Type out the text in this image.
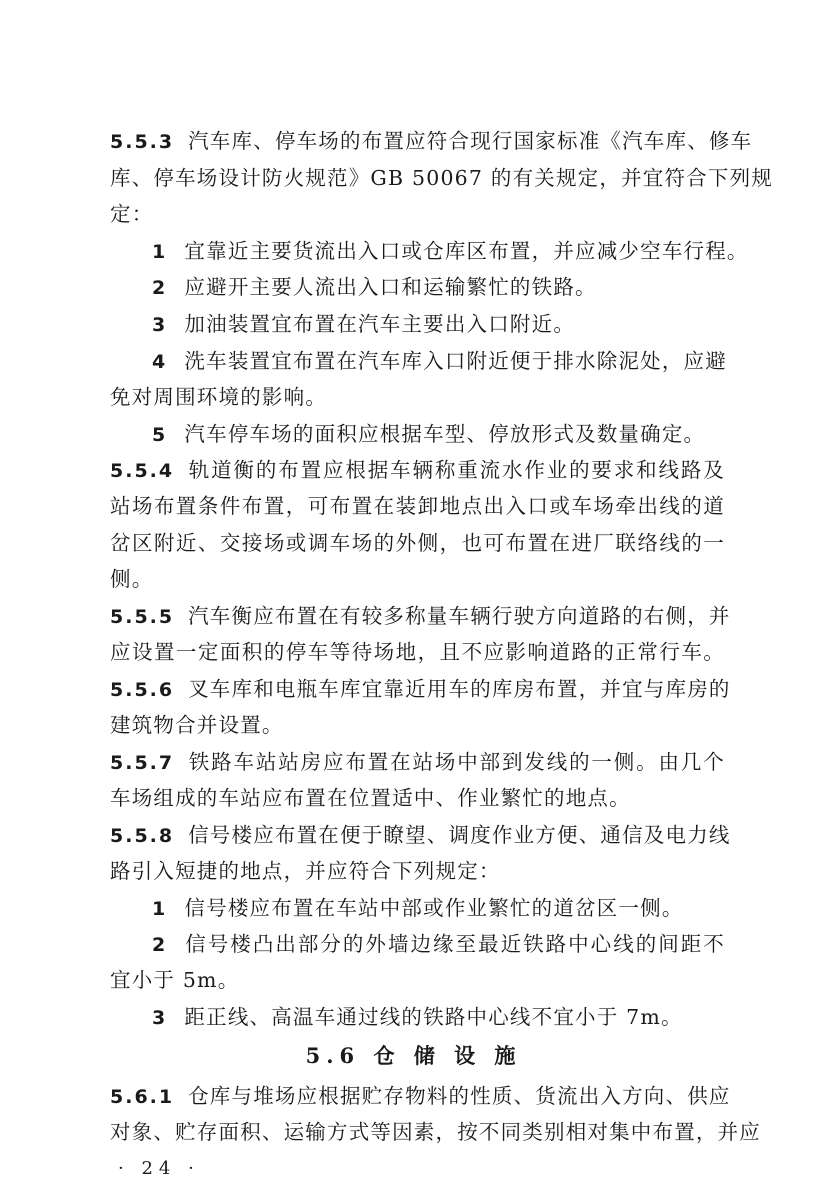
5.5.3 汽车库、停车场的布置应符合现行国家标准《汽车库、修车
库、停车场设计防火规范》GB 50067 的有关规定，并宜符合下列规
定：
1 宜靠近主要货流出入口或仓库区布置，并应减少空车行程。
2 应避开主要人流出入口和运输繁忙的铁路。
3 加油装置宜布置在汽车主要出入口附近。
4 洗车装置宜布置在汽车库入口附近便于排水除泥处，应避
免对周围环境的影响。
5 汽车停车场的面积应根据车型、停放形式及数量确定。
5.5.4 轨道衡的布置应根据车辆称重流水作业的要求和线路及
站场布置条件布置，可布置在装卸地点出入口或车场牵出线的道
岔区附近、交接场或调车场的外侧，也可布置在进厂联络线的一
侧。
5.5.5 汽车衡应布置在有较多称量车辆行驶方向道路的右侧，并
应设置一定面积的停车等待场地，且不应影响道路的正常行车。
5.5.6 叉车库和电瓶车库宜靠近用车的库房布置，并宜与库房的
建筑物合并设置。
5.5.7 铁路车站站房应布置在站场中部到发线的一侧。由几个
车场组成的车站应布置在位置适中、作业繁忙的地点。
5.5.8 信号楼应布置在便于瞭望、调度作业方便、通信及电力线
路引入短捷的地点，并应符合下列规定：
1 信号楼应布置在车站中部或作业繁忙的道岔区一侧。
2 信号楼凸出部分的外墙边缘至最近铁路中心线的间距不
宜小于 5m。
3 距正线、高温车通过线的铁路中心线不宜小于 7m。
5.6 仓 储 设 施
5.6.1 仓库与堆场应根据贮存物料的性质、货流出入方向、供应
对象、贮存面积、运输方式等因素，按不同类别相对集中布置，并应
· 24 ·
